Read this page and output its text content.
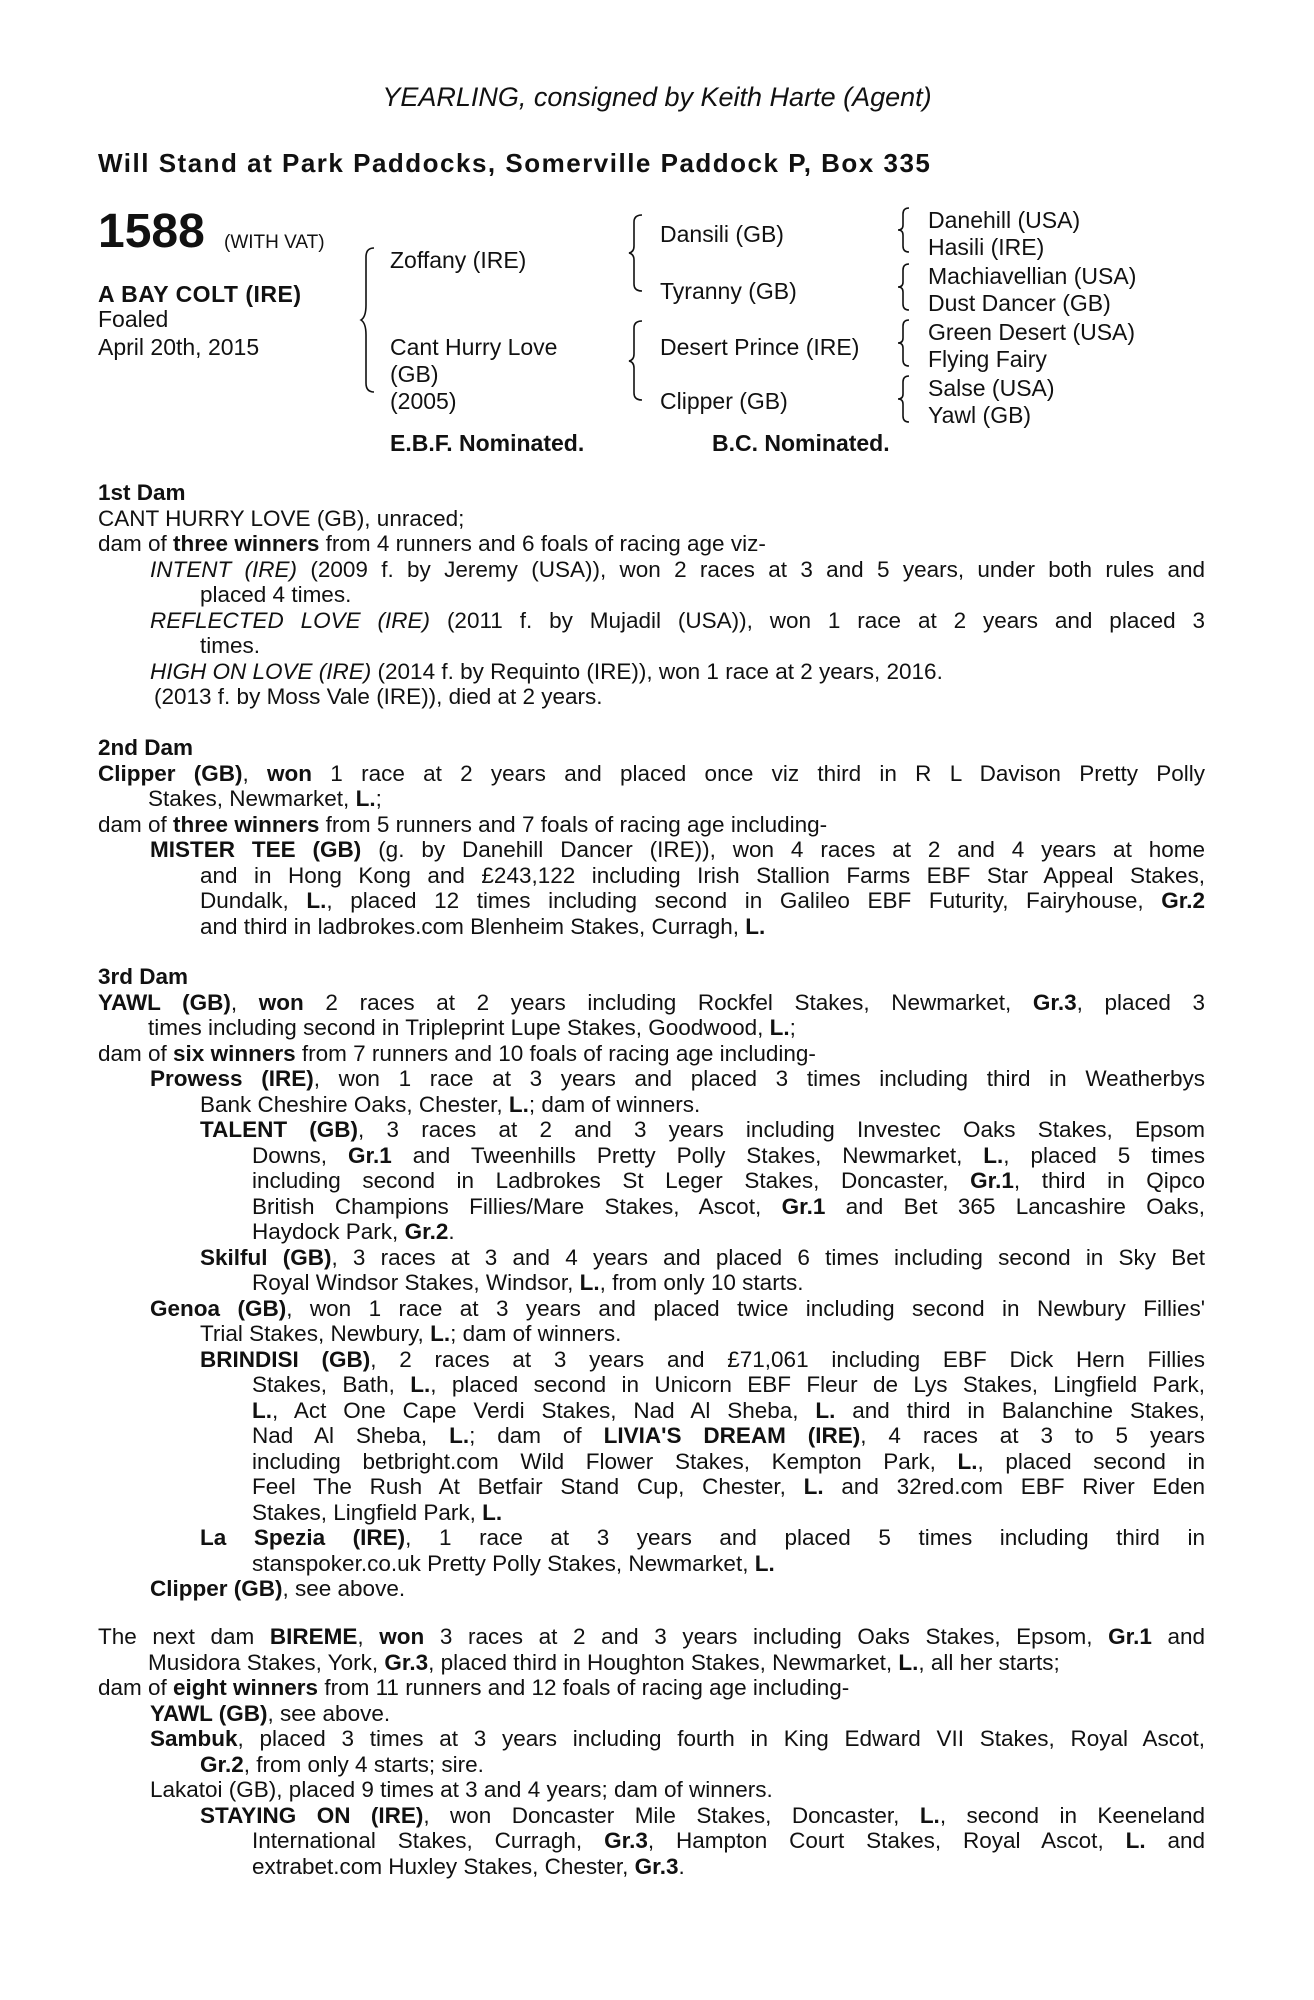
YEARLING, consigned by Keith Harte (Agent)
Will Stand at Park Paddocks, Somerville Paddock P, Box 335
1588 (WITH VAT)
A BAY COLT (IRE)
Foaled
April 20th, 2015
Zoffany (IRE)
Cant Hurry Love
(GB)
(2005)
Dansili (GB)
Tyranny (GB)
Desert Prince (IRE)
Clipper (GB)
Danehill (USA)
Hasili (IRE)
Machiavellian (USA)
Dust Dancer (GB)
Green Desert (USA)
Flying Fairy
Salse (USA)
Yawl (GB)
E.B.F. Nominated.	B.C. Nominated.
1st Dam
CANT HURRY LOVE (GB), unraced;
dam of three winners from 4 runners and 6 foals of racing age viz-
INTENT (IRE) (2009 f. by Jeremy (USA)), won 2 races at 3 and 5 years, under both rules and
placed 4 times.
REFLECTED LOVE (IRE) (2011 f. by Mujadil (USA)), won 1 race at 2 years and placed 3
times.
HIGH ON LOVE (IRE) (2014 f. by Requinto (IRE)), won 1 race at 2 years, 2016.
(2013 f. by Moss Vale (IRE)), died at 2 years.
2nd Dam
Clipper (GB), won 1 race at 2 years and placed once viz third in R L Davison Pretty Polly
Stakes, Newmarket, L.;
dam of three winners from 5 runners and 7 foals of racing age including-
MISTER TEE (GB) (g. by Danehill Dancer (IRE)), won 4 races at 2 and 4 years at home
and in Hong Kong and £243,122 including Irish Stallion Farms EBF Star Appeal Stakes,
Dundalk, L., placed 12 times including second in Galileo EBF Futurity, Fairyhouse, Gr.2
and third in ladbrokes.com Blenheim Stakes, Curragh, L.
3rd Dam
YAWL (GB), won 2 races at 2 years including Rockfel Stakes, Newmarket, Gr.3, placed 3
times including second in Tripleprint Lupe Stakes, Goodwood, L.;
dam of six winners from 7 runners and 10 foals of racing age including-
Prowess (IRE), won 1 race at 3 years and placed 3 times including third in Weatherbys
Bank Cheshire Oaks, Chester, L.; dam of winners.
TALENT (GB), 3 races at 2 and 3 years including Investec Oaks Stakes, Epsom
Downs, Gr.1 and Tweenhills Pretty Polly Stakes, Newmarket, L., placed 5 times
including second in Ladbrokes St Leger Stakes, Doncaster, Gr.1, third in Qipco
British Champions Fillies/Mare Stakes, Ascot, Gr.1 and Bet 365 Lancashire Oaks,
Haydock Park, Gr.2.
Skilful (GB), 3 races at 3 and 4 years and placed 6 times including second in Sky Bet
Royal Windsor Stakes, Windsor, L., from only 10 starts.
Genoa (GB), won 1 race at 3 years and placed twice including second in Newbury Fillies'
Trial Stakes, Newbury, L.; dam of winners.
BRINDISI (GB), 2 races at 3 years and £71,061 including EBF Dick Hern Fillies
Stakes, Bath, L., placed second in Unicorn EBF Fleur de Lys Stakes, Lingfield Park,
L., Act One Cape Verdi Stakes, Nad Al Sheba, L. and third in Balanchine Stakes,
Nad Al Sheba, L.; dam of LIVIA'S DREAM (IRE), 4 races at 3 to 5 years
including betbright.com Wild Flower Stakes, Kempton Park, L., placed second in
Feel The Rush At Betfair Stand Cup, Chester, L. and 32red.com EBF River Eden
Stakes, Lingfield Park, L.
La Spezia (IRE), 1 race at 3 years and placed 5 times including third in
stanspoker.co.uk Pretty Polly Stakes, Newmarket, L.
Clipper (GB), see above.
The next dam BIREME, won 3 races at 2 and 3 years including Oaks Stakes, Epsom, Gr.1 and
Musidora Stakes, York, Gr.3, placed third in Houghton Stakes, Newmarket, L., all her starts;
dam of eight winners from 11 runners and 12 foals of racing age including-
YAWL (GB), see above.
Sambuk, placed 3 times at 3 years including fourth in King Edward VII Stakes, Royal Ascot,
Gr.2, from only 4 starts; sire.
Lakatoi (GB), placed 9 times at 3 and 4 years; dam of winners.
STAYING ON (IRE), won Doncaster Mile Stakes, Doncaster, L., second in Keeneland
International Stakes, Curragh, Gr.3, Hampton Court Stakes, Royal Ascot, L. and
extrabet.com Huxley Stakes, Chester, Gr.3.
